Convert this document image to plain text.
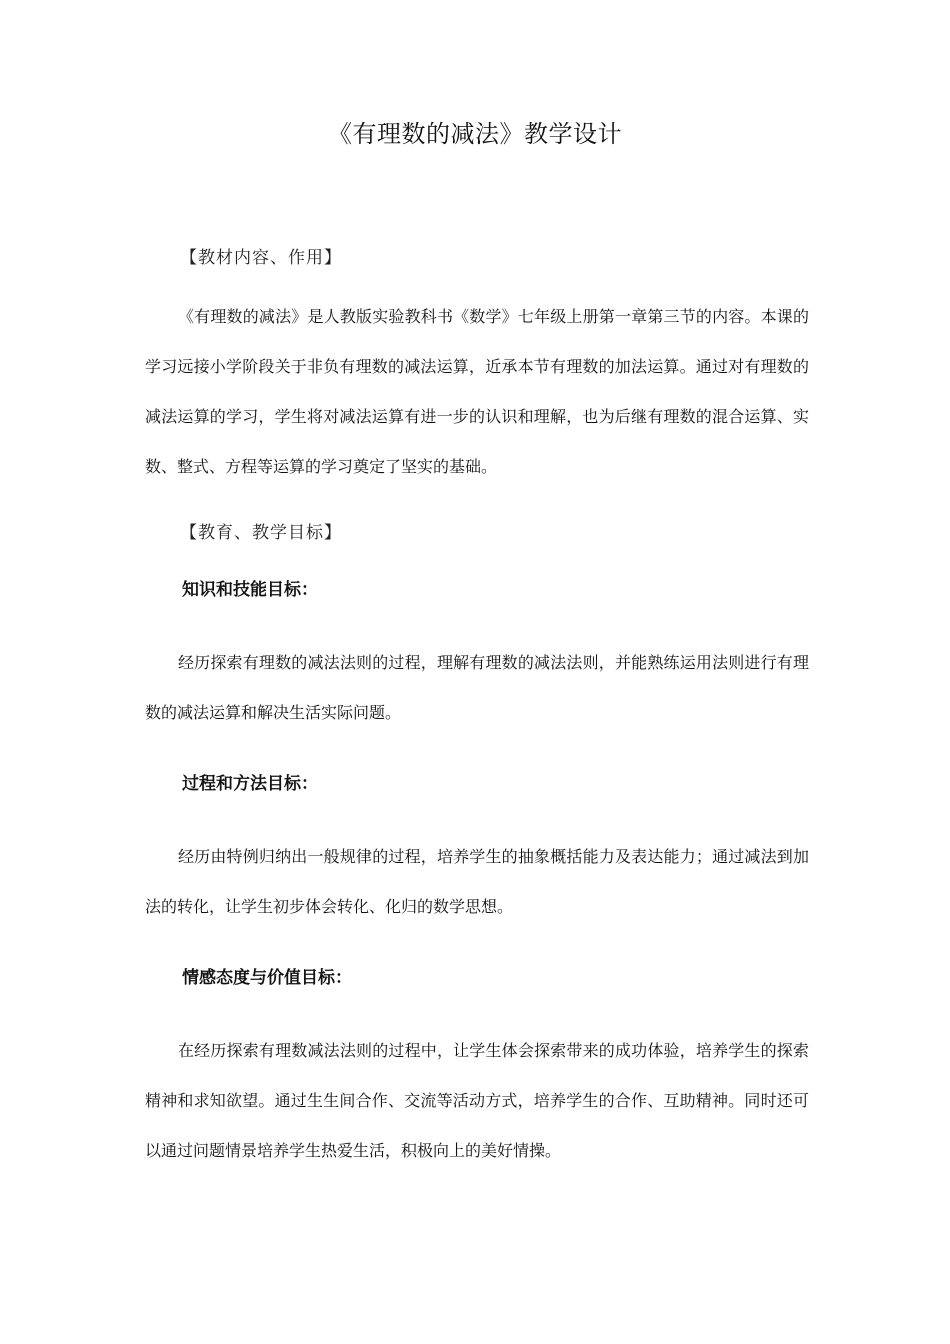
《有理数的减法》教学设计
【教材内容、作用】

《有理数的减法》是人教版实验教科书《数学》七年级上册第一章第三节的内容。本课的学习远接小学阶段关于非负有理数的减法运算，近承本节有理数的加法运算。通过对有理数的减法运算的学习，学生将对减法运算有进一步的认识和理解，也为后继有理数的混合运算、实数、整式、方程等运算的学习奠定了坚实的基础。

【教育、教学目标】
知识和技能目标：

经历探索有理数的减法法则的过程，理解有理数的减法法则，并能熟练运用法则进行有理数的减法运算和解决生活实际问题。

过程和方法目标：

经历由特例归纳出一般规律的过程，培养学生的抽象概括能力及表达能力；通过减法到加法的转化，让学生初步体会转化、化归的数学思想。

情感态度与价值目标：

在经历探索有理数减法法则的过程中，让学生体会探索带来的成功体验，培养学生的探索精神和求知欲望。通过生生间合作、交流等活动方式，培养学生的合作、互助精神。同时还可以通过问题情景培养学生热爱生活，积极向上的美好情操。
